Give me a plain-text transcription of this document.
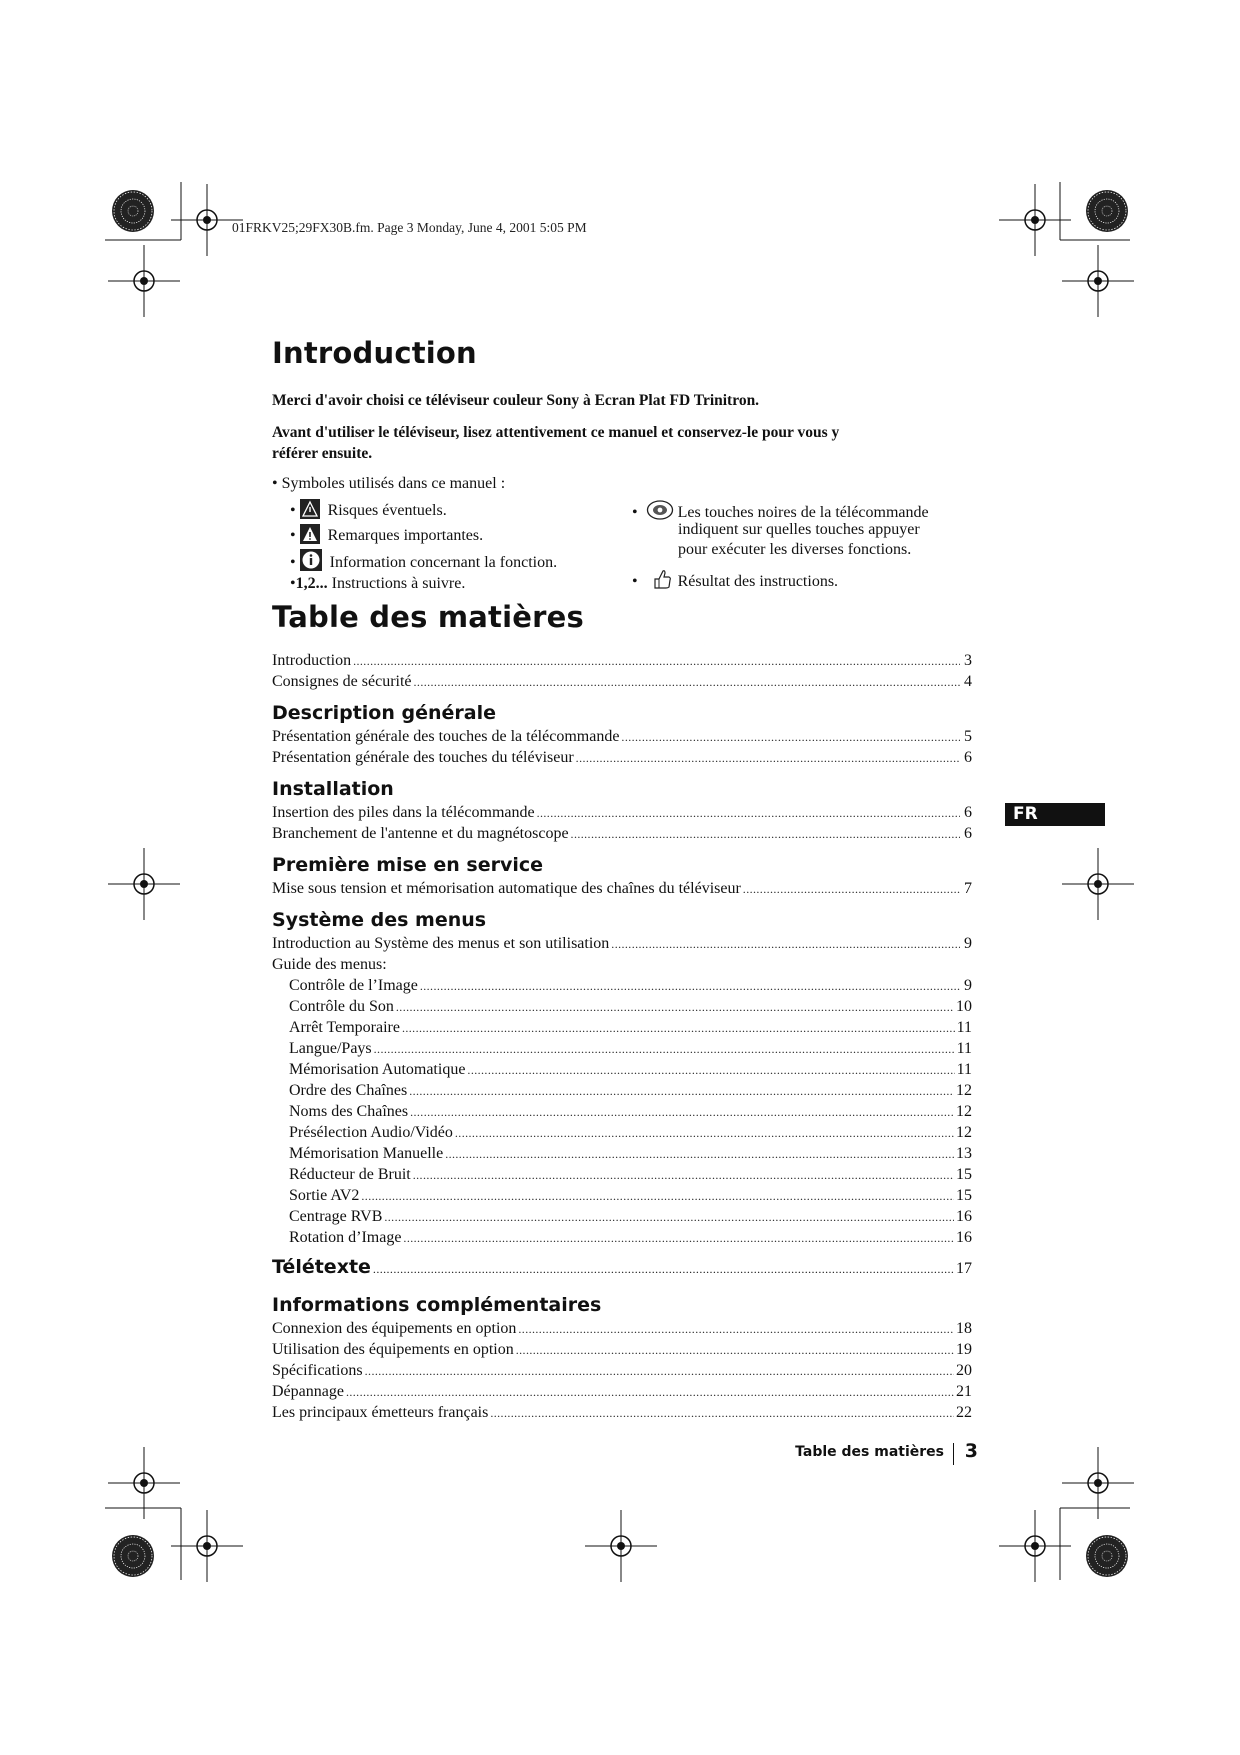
01FRKV25;29FX30B.fm. Page 3 Monday, June 4, 2001 5:05 PM
Introduction
Merci d'avoir choisi ce téléviseur couleur Sony à Ecran Plat FD Trinitron.
Avant d'utiliser le téléviseur, lisez attentivement ce manuel et conservez-le pour vous y
référer ensuite.
• Symboles utilisés dans ce manuel :
• Risques éventuels.
• Remarques importantes.
• Information concernant la fonction.
•1,2... Instructions à suivre.
•	Les touches noires de la télécommande
indiquent sur quelles touches appuyer
pour exécuter les diverses fonctions.
•	Résultat des instructions.
Table des matières
Introduction .....	3
Consignes de sécurité .....	4
Description générale
Présentation générale des touches de la télécommande .....	5
Présentation générale des touches du téléviseur .....	6
Installation
Insertion des piles dans la télécommande .....	6
Branchement de l'antenne et du magnétoscope .....	6
Première mise en service
Mise sous tension et mémorisation automatique des chaînes du téléviseur .....	7
Système des menus
Introduction au Système des menus et son utilisation .....	9
Guide des menus:
Contrôle de l’Image .....	9
Contrôle du Son .....	10
Arrêt Temporaire .....	11
Langue/Pays .....	11
Mémorisation Automatique .....	11
Ordre des Chaînes .....	12
Noms des Chaînes .....	12
Présélection Audio/Vidéo .....	12
Mémorisation Manuelle .....	13
Réducteur de Bruit .....	15
Sortie AV2 .....	15
Centrage RVB .....	16
Rotation d’Image .....	16
Télétexte .....	17
Informations complémentaires
Connexion des équipements en option .....	18
Utilisation des équipements en option .....	19
Spécifications .....	20
Dépannage .....	21
Les principaux émetteurs français .....	22
FR
Table des matières 3
